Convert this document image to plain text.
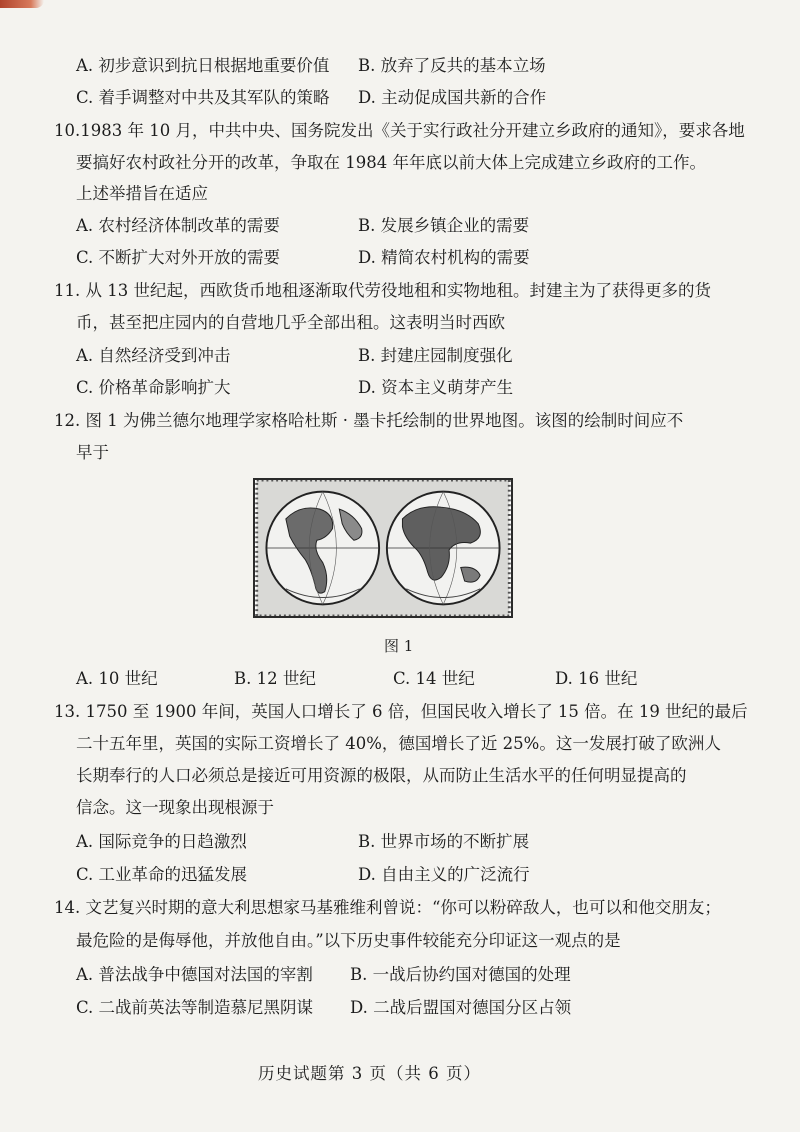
A. 初步意识到抗日根据地重要价值 B. 放弃了反共的基本立场
C. 着手调整对中共及其军队的策略 D. 主动促成国共新的合作
10.1983 年 10 月，中共中央、国务院发出《关于实行政社分开建立乡政府的通知》，要求各地
要搞好农村政社分开的改革，争取在 1984 年年底以前大体上完成建立乡政府的工作。
上述举措旨在适应
A. 农村经济体制改革的需要	B. 发展乡镇企业的需要
C. 不断扩大对外开放的需要	D. 精简农村机构的需要
11. 从 13 世纪起，西欧货币地租逐渐取代劳役地租和实物地租。封建主为了获得更多的货
币，甚至把庄园内的自营地几乎全部出租。这表明当时西欧
A. 自然经济受到冲击	B. 封建庄园制度强化
C. 价格革命影响扩大	D. 资本主义萌芽产生
12. 图 1 为佛兰德尔地理学家格哈杜斯 · 墨卡托绘制的世界地图。该图的绘制时间应不
早于
图 1
A. 10 世纪	B. 12 世纪	C. 14 世纪	D. 16 世纪
13. 1750 至 1900 年间，英国人口增长了 6 倍，但国民收入增长了 15 倍。在 19 世纪的最后
二十五年里，英国的实际工资增长了 40%，德国增长了近 25%。这一发展打破了欧洲人
长期奉行的人口必须总是接近可用资源的极限，从而防止生活水平的任何明显提高的
信念。这一现象出现根源于
A. 国际竞争的日趋激烈	B. 世界市场的不断扩展
C. 工业革命的迅猛发展	D. 自由主义的广泛流行
14. 文艺复兴时期的意大利思想家马基雅维利曾说：“你可以粉碎敌人，也可以和他交朋友；
最危险的是侮辱他，并放他自由。”以下历史事件较能充分印证这一观点的是
A. 普法战争中德国对法国的宰割 B. 一战后协约国对德国的处理
C. 二战前英法等制造慕尼黑阴谋 D. 二战后盟国对德国分区占领
历史试题第 3 页（共 6 页）
